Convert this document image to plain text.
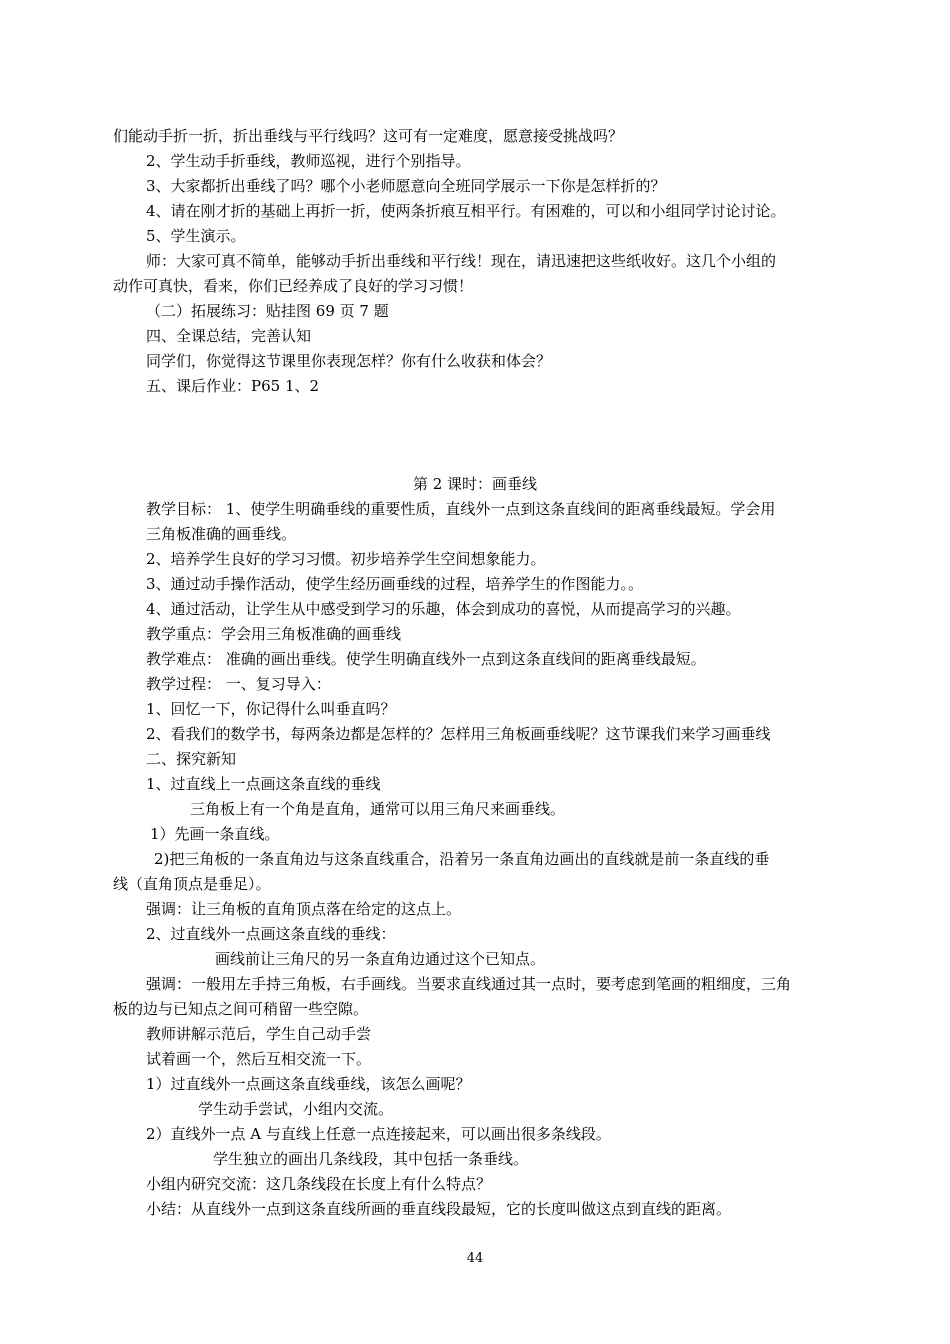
们能动手折一折，折出垂线与平行线吗？这可有一定难度，愿意接受挑战吗？
2、学生动手折垂线，教师巡视，进行个别指导。
3、大家都折出垂线了吗？哪个小老师愿意向全班同学展示一下你是怎样折的？
4、请在刚才折的基础上再折一折，使两条折痕互相平行。有困难的，可以和小组同学讨论讨论。
5、学生演示。
师：大家可真不简单，能够动手折出垂线和平行线！现在，请迅速把这些纸收好。这几个小组的
动作可真快，看来，你们已经养成了良好的学习习惯！
（二）拓展练习：贴挂图 69 页 7 题
四、全课总结，完善认知
同学们，你觉得这节课里你表现怎样？你有什么收获和体会？
五、课后作业：P65 1、2
第 2 课时：画垂线
教学目标： 1、使学生明确垂线的重要性质，直线外一点到这条直线间的距离垂线最短。学会用
三角板准确的画垂线。
2、培养学生良好的学习习惯。初步培养学生空间想象能力。
3、通过动手操作活动，使学生经历画垂线的过程，培养学生的作图能力。。
4、通过活动，让学生从中感受到学习的乐趣，体会到成功的喜悦，从而提高学习的兴趣。
教学重点：学会用三角板准确的画垂线
教学难点： 准确的画出垂线。使学生明确直线外一点到这条直线间的距离垂线最短。
教学过程： 一、复习导入：
1、回忆一下，你记得什么叫垂直吗？
2、看我们的数学书，每两条边都是怎样的？怎样用三角板画垂线呢？这节课我们来学习画垂线
二、探究新知
1、过直线上一点画这条直线的垂线
三角板上有一个角是直角，通常可以用三角尺来画垂线。
1）先画一条直线。
2)把三角板的一条直角边与这条直线重合，沿着另一条直角边画出的直线就是前一条直线的垂
线（直角顶点是垂足）。
强调：让三角板的直角顶点落在给定的这点上。
2、过直线外一点画这条直线的垂线：
画线前让三角尺的另一条直角边通过这个已知点。
强调：一般用左手持三角板，右手画线。当要求直线通过其一点时，要考虑到笔画的粗细度，三角
板的边与已知点之间可稍留一些空隙。
教师讲解示范后，学生自己动手尝
试着画一个，然后互相交流一下。
1）过直线外一点画这条直线垂线，该怎么画呢？
学生动手尝试，小组内交流。
2）直线外一点 A 与直线上任意一点连接起来，可以画出很多条线段。
学生独立的画出几条线段，其中包括一条垂线。
小组内研究交流：这几条线段在长度上有什么特点？
小结：从直线外一点到这条直线所画的垂直线段最短，它的长度叫做这点到直线的距离。
44
